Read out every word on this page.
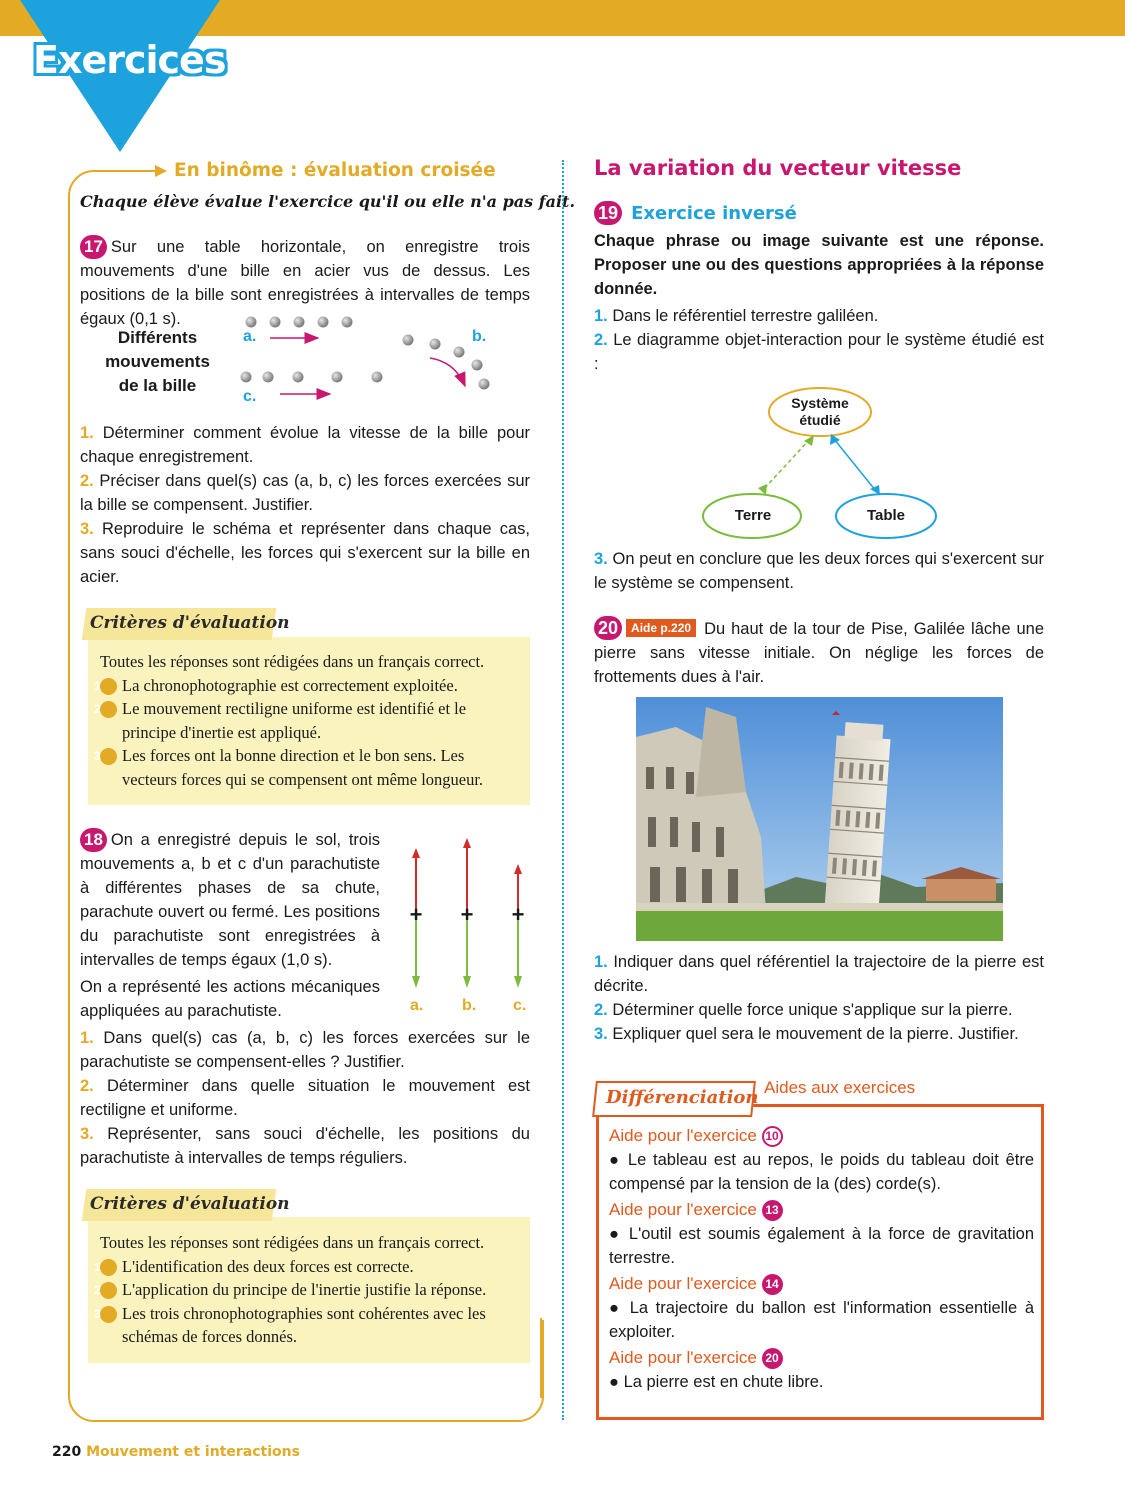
Exercices
En binôme : évaluation croisée
Chaque élève évalue l'exercice qu'il ou elle n'a pas fait.
17 Sur une table horizontale, on enregistre trois mouvements d'une bille en acier vus de dessus. Les positions de la bille sont enregistrées à intervalles de temps égaux (0,1 s).
Différents mouvements de la bille
a.	b.
c.
1. Déterminer comment évolue la vitesse de la bille pour chaque enregistrement.
2. Préciser dans quel(s) cas (a, b, c) les forces exercées sur la bille se compensent. Justifier.
3. Reproduire le schéma et représenter dans chaque cas, sans souci d'échelle, les forces qui s'exercent sur la bille en acier.
Critères d'évaluation
Toutes les réponses sont rédigées dans un français correct.
1 La chronophotographie est correctement exploitée.
2 Le mouvement rectiligne uniforme est identifié et le principe d'inertie est appliqué.
3 Les forces ont la bonne direction et le bon sens. Les vecteurs forces qui se compensent ont même longueur.
18 On a enregistré depuis le sol, trois mouvements a, b et c d'un parachutiste à différentes phases de sa chute, parachute ouvert ou fermé. Les positions du parachutiste sont enregistrées à intervalles de temps égaux (1,0 s).
On a représenté les actions mécaniques appliquées au parachutiste.
+ + +
a. b. c.
1. Dans quel(s) cas (a, b, c) les forces exercées sur le parachutiste se compensent-elles ? Justifier.
2. Déterminer dans quelle situation le mouvement est rectiligne et uniforme.
3. Représenter, sans souci d'échelle, les positions du parachutiste à intervalles de temps réguliers.
Critères d'évaluation
Toutes les réponses sont rédigées dans un français correct.
1 L'identification des deux forces est correcte.
2 L'application du principe de l'inertie justifie la réponse.
3 Les trois chronophotographies sont cohérentes avec les schémas de forces donnés.
La variation du vecteur vitesse
19 Exercice inversé
Chaque phrase ou image suivante est une réponse. Proposer une ou des questions appropriées à la réponse donnée.
1. Dans le référentiel terrestre galiléen.
2. Le diagramme objet-interaction pour le système étudié est :
Système
étudié
Terre	Table
3. On peut en conclure que les deux forces qui s'exercent sur le système se compensent.
20 Aide p.220 Du haut de la tour de Pise, Galilée lâche une pierre sans vitesse initiale. On néglige les forces de frottements dues à l'air.
1. Indiquer dans quel référentiel la trajectoire de la pierre est décrite.
2. Déterminer quelle force unique s'applique sur la pierre.
3. Expliquer quel sera le mouvement de la pierre. Justifier.
Différenciation Aides aux exercices
Aide pour l'exercice 10
● Le tableau est au repos, le poids du tableau doit être compensé par la tension de la (des) corde(s).
Aide pour l'exercice 13
● L'outil est soumis également à la force de gravitation terrestre.
Aide pour l'exercice 14
● La trajectoire du ballon est l'information essentielle à exploiter.
Aide pour l'exercice 20
● La pierre est en chute libre.
220 Mouvement et interactions
